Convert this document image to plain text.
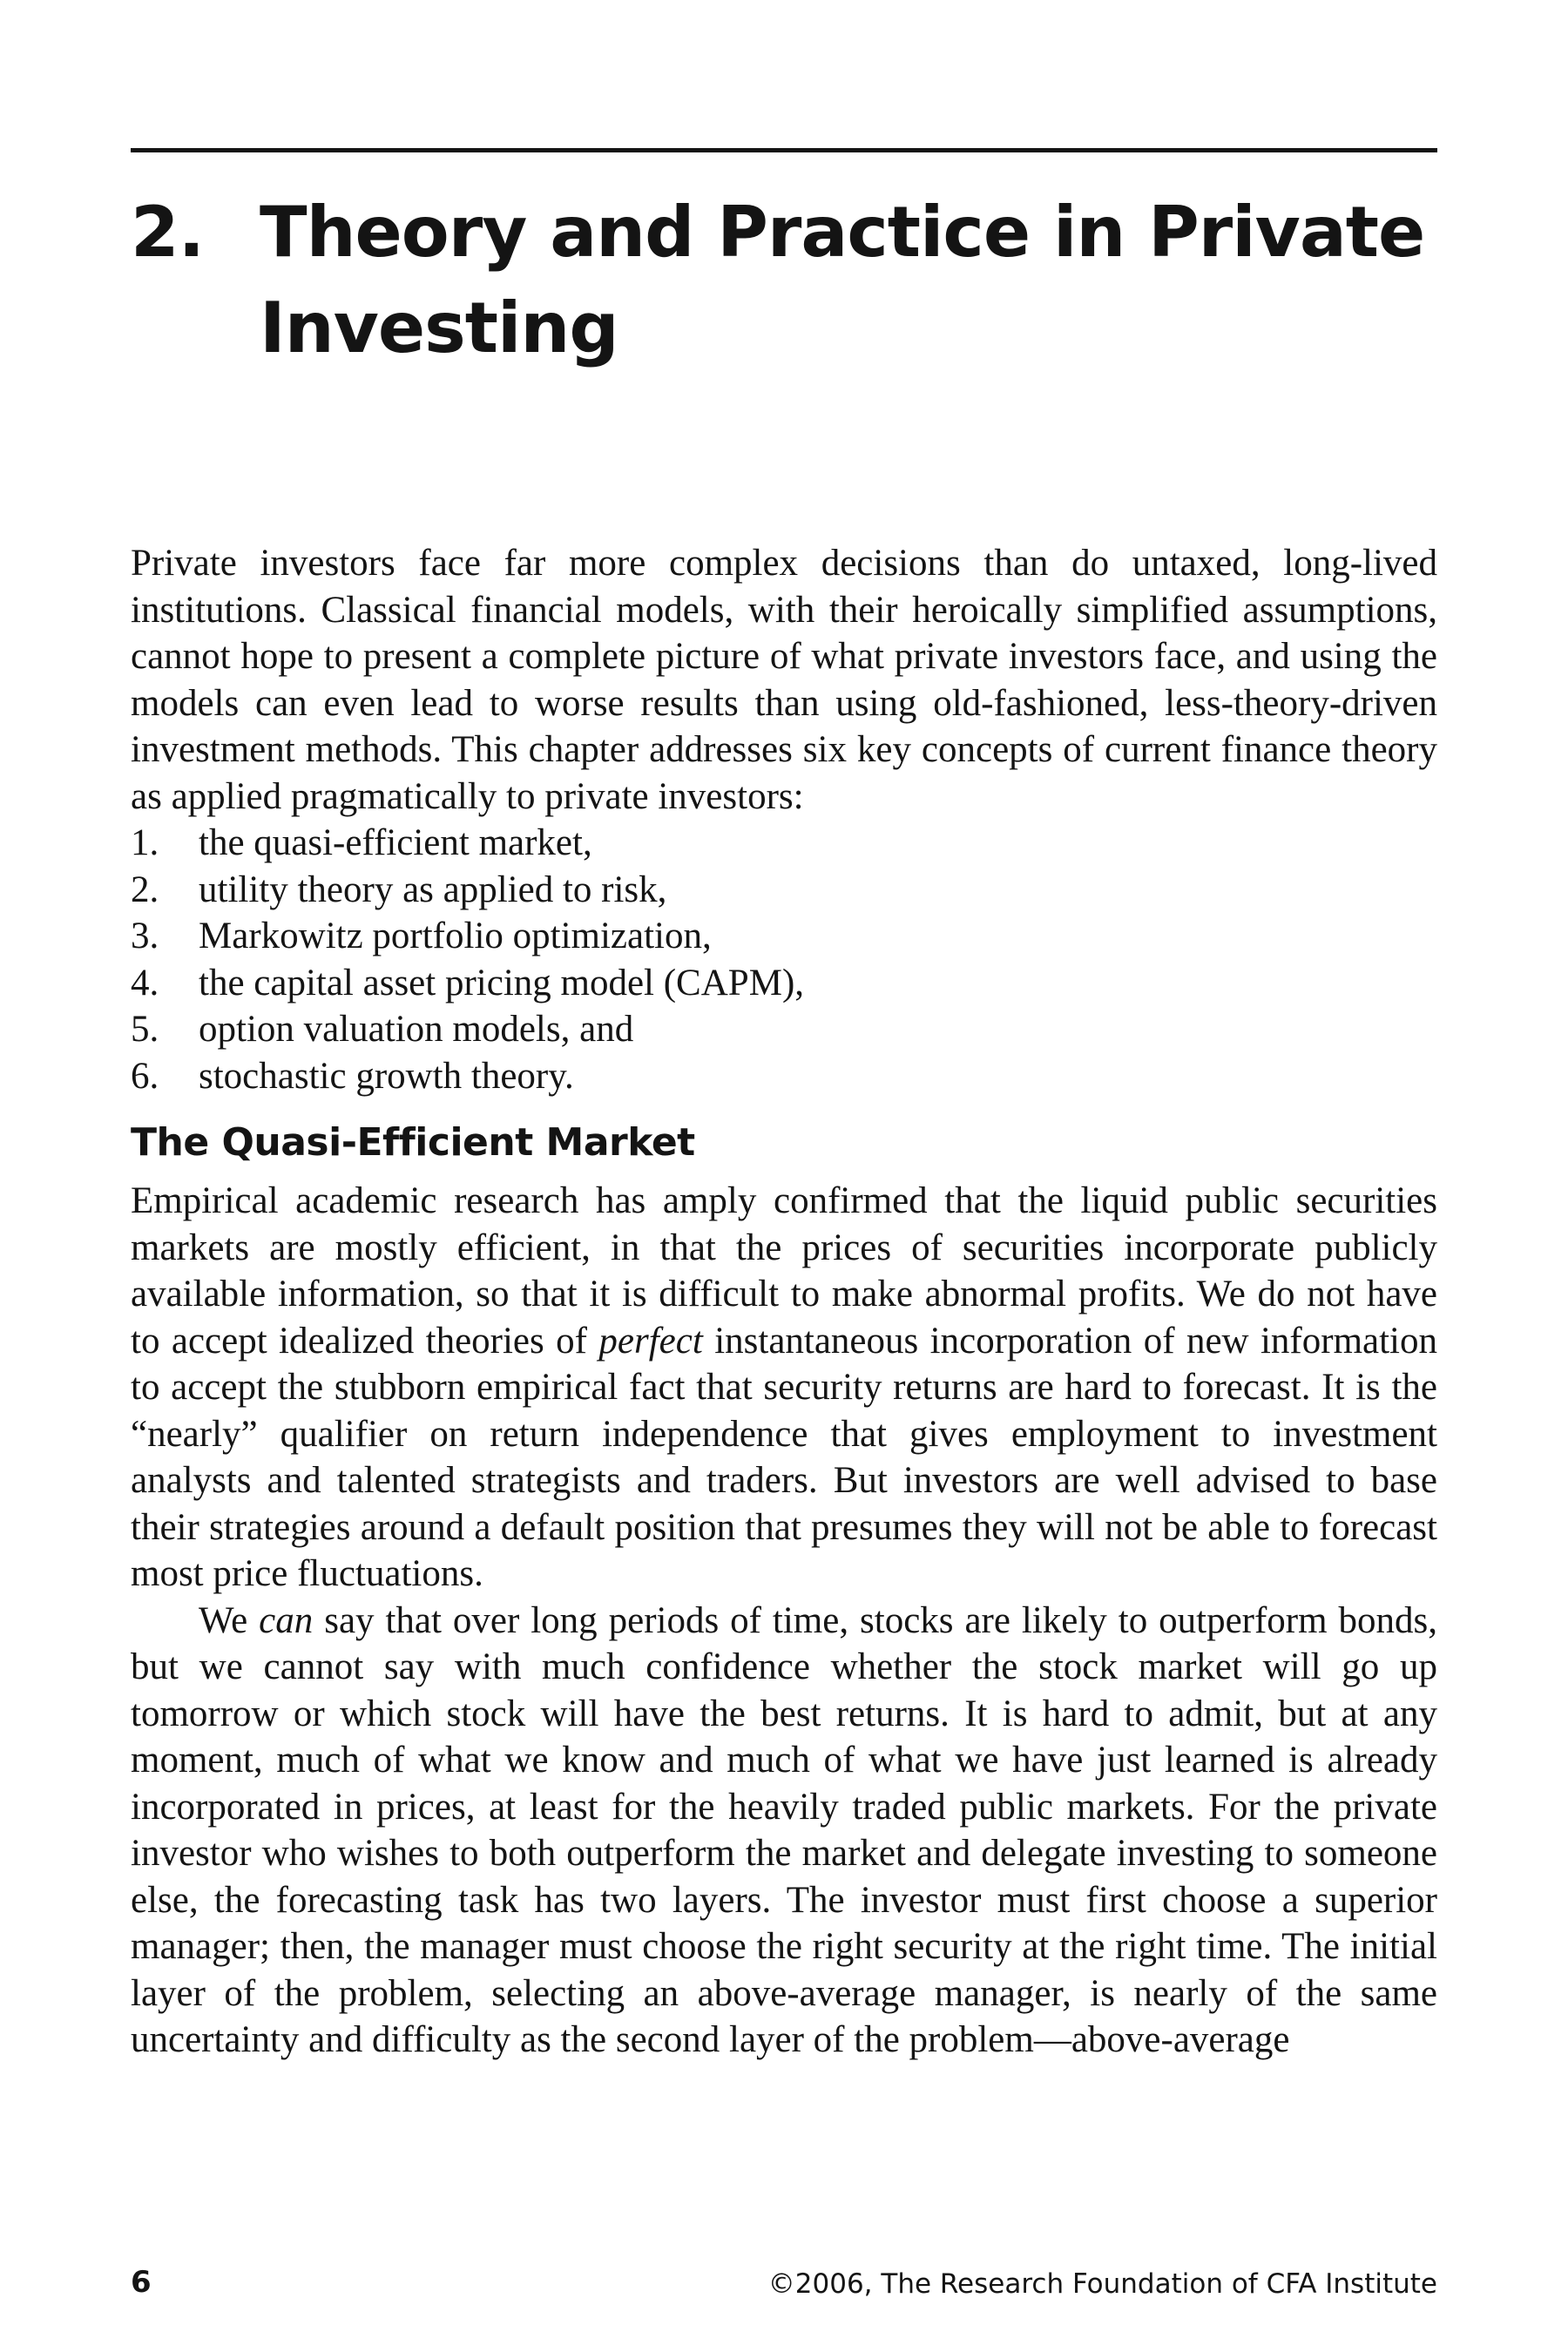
2. Theory and Practice in Private Investing

Private investors face far more complex decisions than do untaxed, long-lived institutions. Classical financial models, with their heroically simplified assumptions, cannot hope to present a complete picture of what private investors face, and using the models can even lead to worse results than using old-fashioned, less-theory-driven investment methods. This chapter addresses six key concepts of current finance theory as applied pragmatically to private investors:

1. the quasi-efficient market,
2. utility theory as applied to risk,
3. Markowitz portfolio optimization,
4. the capital asset pricing model (CAPM),
5. option valuation models, and
6. stochastic growth theory.
The Quasi-Efficient Market

Empirical academic research has amply confirmed that the liquid public securities markets are mostly efficient, in that the prices of securities incorporate publicly available information, so that it is difficult to make abnormal profits. We do not have to accept idealized theories of perfect instantaneous incorporation of new information to accept the stubborn empirical fact that security returns are hard to forecast. It is the “nearly” qualifier on return independence that gives employment to investment analysts and talented strategists and traders. But investors are well advised to base their strategies around a default position that presumes they will not be able to forecast most price fluctuations.

We can say that over long periods of time, stocks are likely to outperform bonds, but we cannot say with much confidence whether the stock market will go up tomorrow or which stock will have the best returns. It is hard to admit, but at any moment, much of what we know and much of what we have just learned is already incorporated in prices, at least for the heavily traded public markets. For the private investor who wishes to both outperform the market and delegate investing to someone else, the forecasting task has two layers. The investor must first choose a superior manager; then, the manager must choose the right security at the right time. The initial layer of the problem, selecting an above-average manager, is nearly of the same uncertainty and difficulty as the second layer of the problem—above-average

6	©2006, The Research Foundation of CFA Institute
